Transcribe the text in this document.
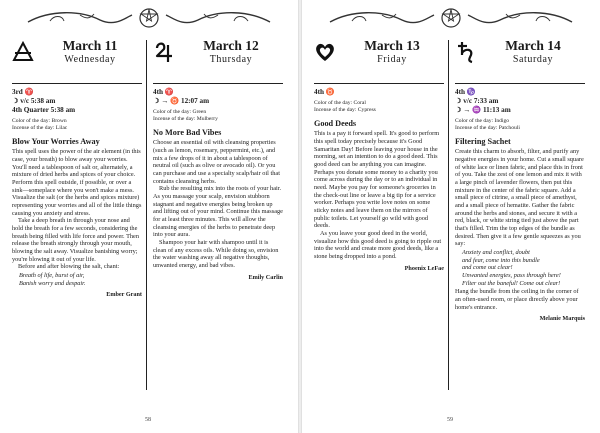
March 11
Wednesday
3rd ♈
☽ v/c 5:38 am
4th Quarter 5:38 am
Color of the day: Brown
Incense of the day: Lilac
Blow Your Worries Away

This spell uses the power of the air element (in this case, your breath) to blow away your worries. You'll need a tablespoon of salt or, alternately, a mixture of dried herbs and spices of your choice. Perform this spell outside, if possible, or over a sink—someplace where you won't make a mess. Visualize the salt (or the herbs and spices mixture) representing your worries and all of the little things causing you anxiety and stress.

Take a deep breath in through your nose and hold the breath for a few seconds, considering the breath being filled with life force and power. Then release the breath strongly through your mouth, blowing the salt away. Visualize banishing worry; you're blowing it out of your life.

Before and after blowing the salt, chant:

Breath of life, burst of air,
Banish worry and despair.
Ember Grant
March 12
Thursday
4th ♈
☽ → ♉ 12:07 am
Color of the day: Green
Incense of the day: Mulberry
No More Bad Vibes

Choose an essential oil with cleansing properties (such as lemon, rosemary, peppermint, etc.), and mix a few drops of it in about a tablespoon of neutral oil (such as olive or avocado oil). Or you can purchase and use a specialty scalp/hair oil that contains cleansing herbs.

Rub the resulting mix into the roots of your hair. As you massage your scalp, envision stubborn stagnant and negative energies being broken up and lifting out of your mind. Continue this massage for at least three minutes. This will allow the cleansing energies of the herbs to penetrate deep into your aura.

Shampoo your hair with shampoo until it is clean of any excess oils. While doing so, envision the water washing away all negative thoughts, unwanted energy, and bad vibes.

Emily Carlin
58
March 13
Friday
4th ♉
Color of the day: Coral
Incense of the day: Cypress
Good Deeds

This is a pay it forward spell. It's good to perform this spell today precisely because it's Good Samaritan Day! Before leaving your house in the morning, set an intention to do a good deed. This good deed can be anything you can imagine. Perhaps you donate some money to a charity you come across during the day or to an individual in need. Maybe you pay for someone's groceries in the check-out line or leave a big tip for a service worker. Perhaps you write love notes on some sticky notes and leave them on the mirrors of public toilets. Let yourself go wild with good deeds.

As you leave your good deed in the world, visualize how this good deed is going to ripple out into the world and create more good deeds, like a stone being dropped into a pond.

Phoenix LeFae
March 14
Saturday
4th ♑
☽ v/c 7:33 am
☽ → ♒ 11:13 am
Color of the day: Indigo
Incense of the day: Patchouli
Filtering Sachet

Create this charm to absorb, filter, and purify any negative energies in your home. Cut a small square of white lace or linen fabric, and place this in front of you. Take the zest of one lemon and mix it with a large pinch of lavender flowers, then put this mixture in the center of the fabric square. Add a small piece of citrine, a small piece of amethyst, and a small piece of hematite. Gather the fabric around the herbs and stones, and secure it with a red, black, or white string tied just above the part that's filled. Trim the top edges of the bundle as desired. Then give it a few gentle squeezes as you say:

Anxiety and conflict, doubt
and fear, come into this bundle
and come out clear!
Unwanted energies, pass through here!
Filter out the baneful! Come out clear!

Hang the bundle from the ceiling in the corner of an often-used room, or place directly above your home's entrance.

Melanie Marquis
59
